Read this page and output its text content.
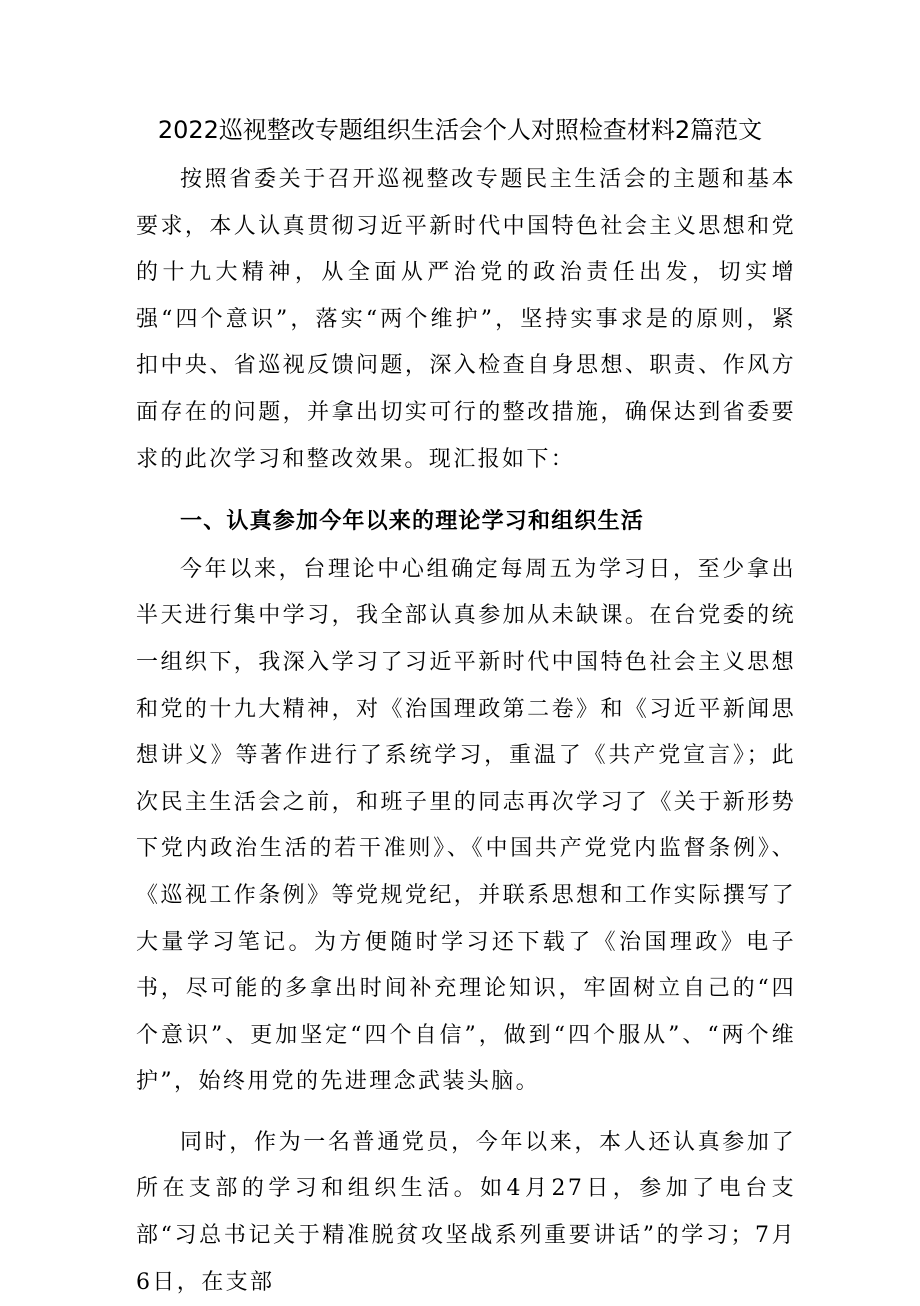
2022巡视整改专题组织生活会个人对照检查材料2篇范文

按照省委关于召开巡视整改专题民主生活会的主题和基本要求，本人认真贯彻习近平新时代中国特色社会主义思想和党的十九大精神，从全面从严治党的政治责任出发，切实增强“四个意识”，落实“两个维护”，坚持实事求是的原则，紧扣中央、省巡视反馈问题，深入检查自身思想、职责、作风方面存在的问题，并拿出切实可行的整改措施，确保达到省委要求的此次学习和整改效果。现汇报如下：

一、认真参加今年以来的理论学习和组织生活

今年以来，台理论中心组确定每周五为学习日，至少拿出半天进行集中学习，我全部认真参加从未缺课。在台党委的统一组织下，我深入学习了习近平新时代中国特色社会主义思想和党的十九大精神，对《治国理政第二卷》和《习近平新闻思想讲义》等著作进行了系统学习，重温了《共产党宣言》；此次民主生活会之前，和班子里的同志再次学习了《关于新形势下党内政治生活的若干准则》、《中国共产党党内监督条例》、《巡视工作条例》等党规党纪，并联系思想和工作实际撰写了大量学习笔记。为方便随时学习还下载了《治国理政》电子书，尽可能的多拿出时间补充理论知识，牢固树立自己的“四个意识”、更加坚定“四个自信”，做到“四个服从”、“两个维护”，始终用党的先进理念武装头脑。

同时，作为一名普通党员，今年以来，本人还认真参加了所在支部的学习和组织生活。如4月27日，参加了电台支部“习总书记关于精准脱贫攻坚战系列重要讲话”的学习；7月6日，在支部
